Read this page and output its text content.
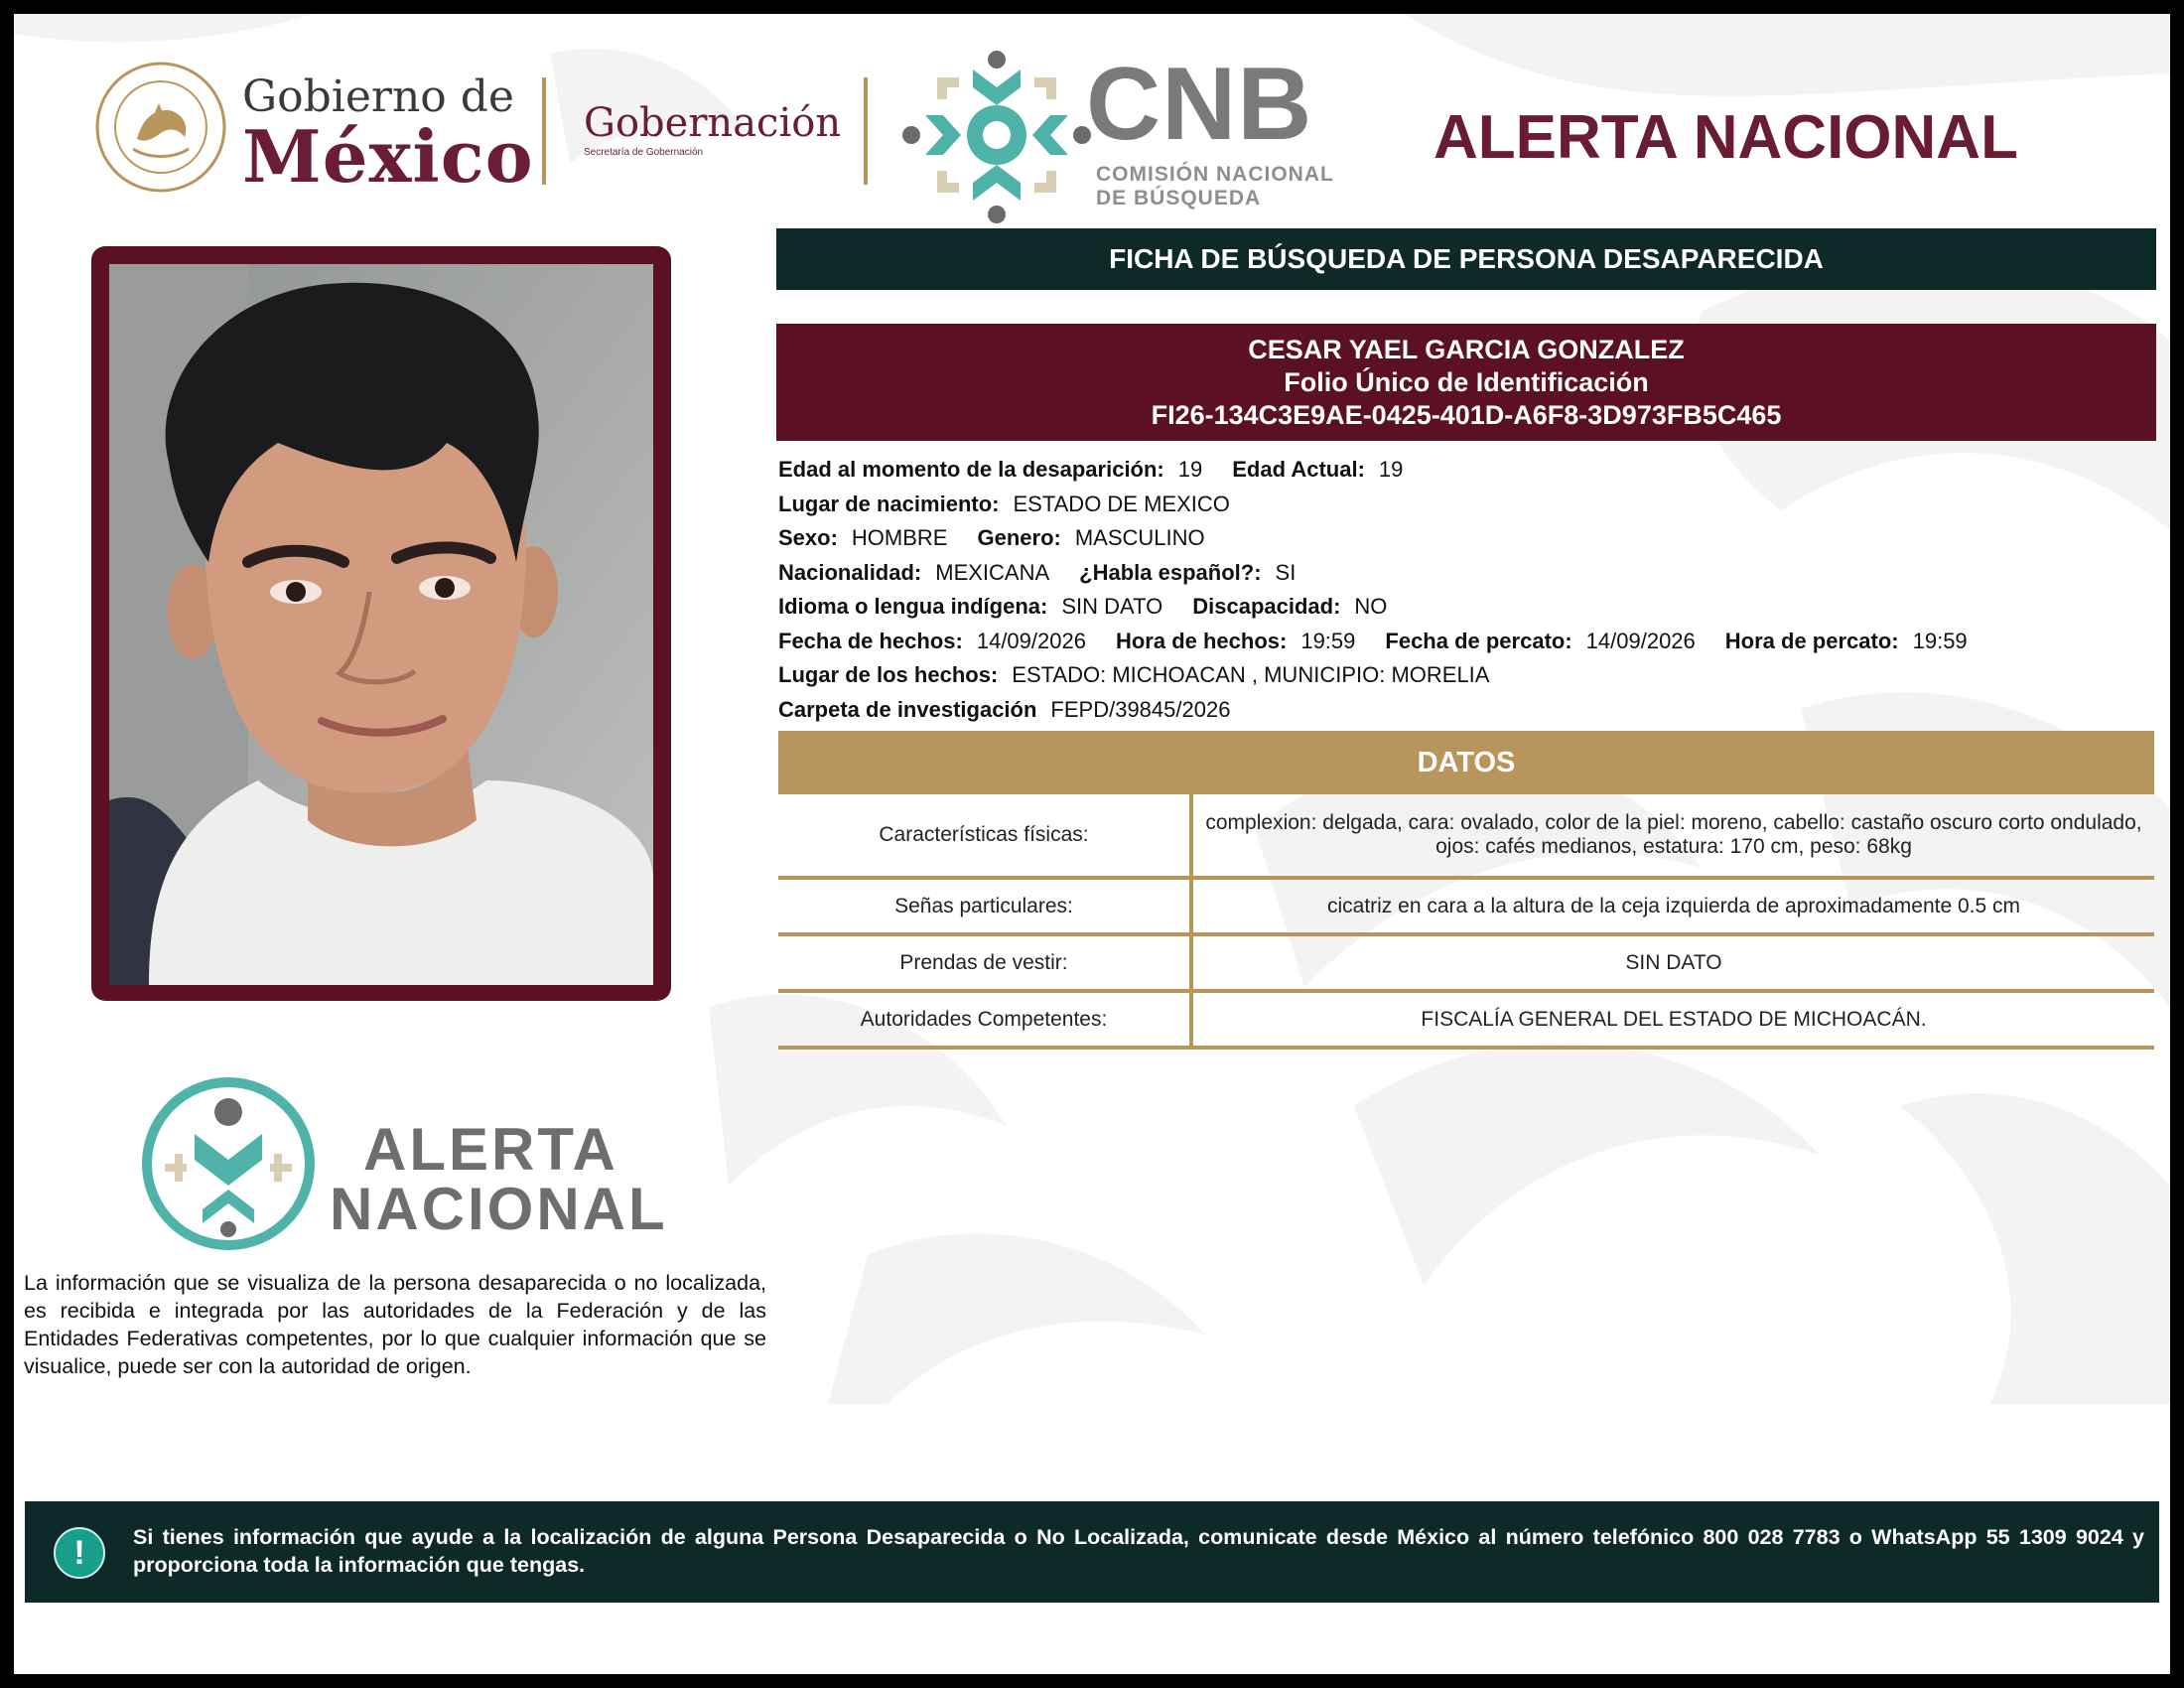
Gobierno de
México Gobernación
Secretaría de Gobernación	CNB
COMISIÓN NACIONAL
DE BÚSQUEDA
ALERTA NACIONAL
FICHA DE BÚSQUEDA DE PERSONA DESAPARECIDA
CESAR YAEL GARCIA GONZALEZ
Folio Único de Identificación
FI26-134C3E9AE-0425-401D-A6F8-3D973FB5C465
Edad al momento de la desaparición: 19 Edad Actual: 19
Lugar de nacimiento: ESTADO DE MEXICO
Sexo: HOMBRE Genero: MASCULINO
Nacionalidad: MEXICANA ¿Habla español?: SI
Idioma o lengua indígena: SIN DATO Discapacidad: NO
Fecha de hechos: 14/09/2026 Hora de hechos: 19:59 Fecha de percato: 14/09/2026 Hora de percato: 19:59
Lugar de los hechos: ESTADO: MICHOACAN , MUNICIPIO: MORELIA
Carpeta de investigación FEPD/39845/2026
DATOS
Características físicas:	complexion: delgada, cara: ovalado, color de la piel: moreno, cabello: castaño oscuro corto ondulado, ojos: cafés medianos, estatura: 170 cm, peso: 68kg
Señas particulares:	cicatriz en cara a la altura de la ceja izquierda de aproximadamente 0.5 cm
Prendas de vestir:	SIN DATO
Autoridades Competentes:	FISCALÍA GENERAL DEL ESTADO DE MICHOACÁN.
ALERTA
NACIONAL
La información que se visualiza de la persona desaparecida o no localizada, es recibida e integrada por las autoridades de la Federación y de las Entidades Federativas competentes, por lo que cualquier información que se visualice, puede ser con la autoridad de origen.
!	Si tienes información que ayude a la localización de alguna Persona Desaparecida o No Localizada, comunicate desde México al número telefónico 800 028 7783 o WhatsApp 55 1309 9024 y proporciona toda la información que tengas.
